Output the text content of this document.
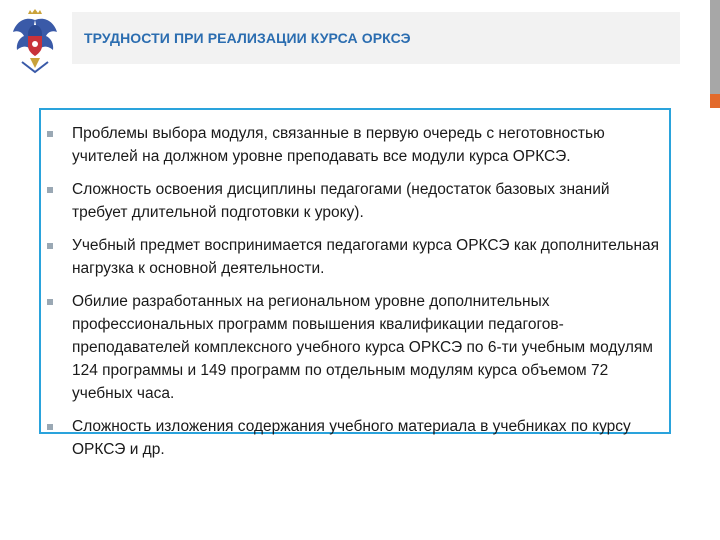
ТРУДНОСТИ ПРИ РЕАЛИЗАЦИИ КУРСА ОРКСЭ
Проблемы выбора модуля, связанные в первую очередь с неготовностью учителей на должном уровне преподавать все модули курса ОРКСЭ.
Сложность освоения дисциплины педагогами (недостаток базовых знаний требует длительной подготовки к уроку).
Учебный предмет воспринимается педагогами курса ОРКСЭ как дополнительная нагрузка к основной деятельности.
Обилие разработанных на региональном уровне дополнительных профессиональных программ повышения квалификации педагогов-преподавателей комплексного учебного курса ОРКСЭ по 6-ти учебным модулям 124 программы и 149 программ по отдельным модулям курса объемом 72 учебных часа.
Сложность изложения содержания учебного материала в учебниках по курсу ОРКСЭ и др.
